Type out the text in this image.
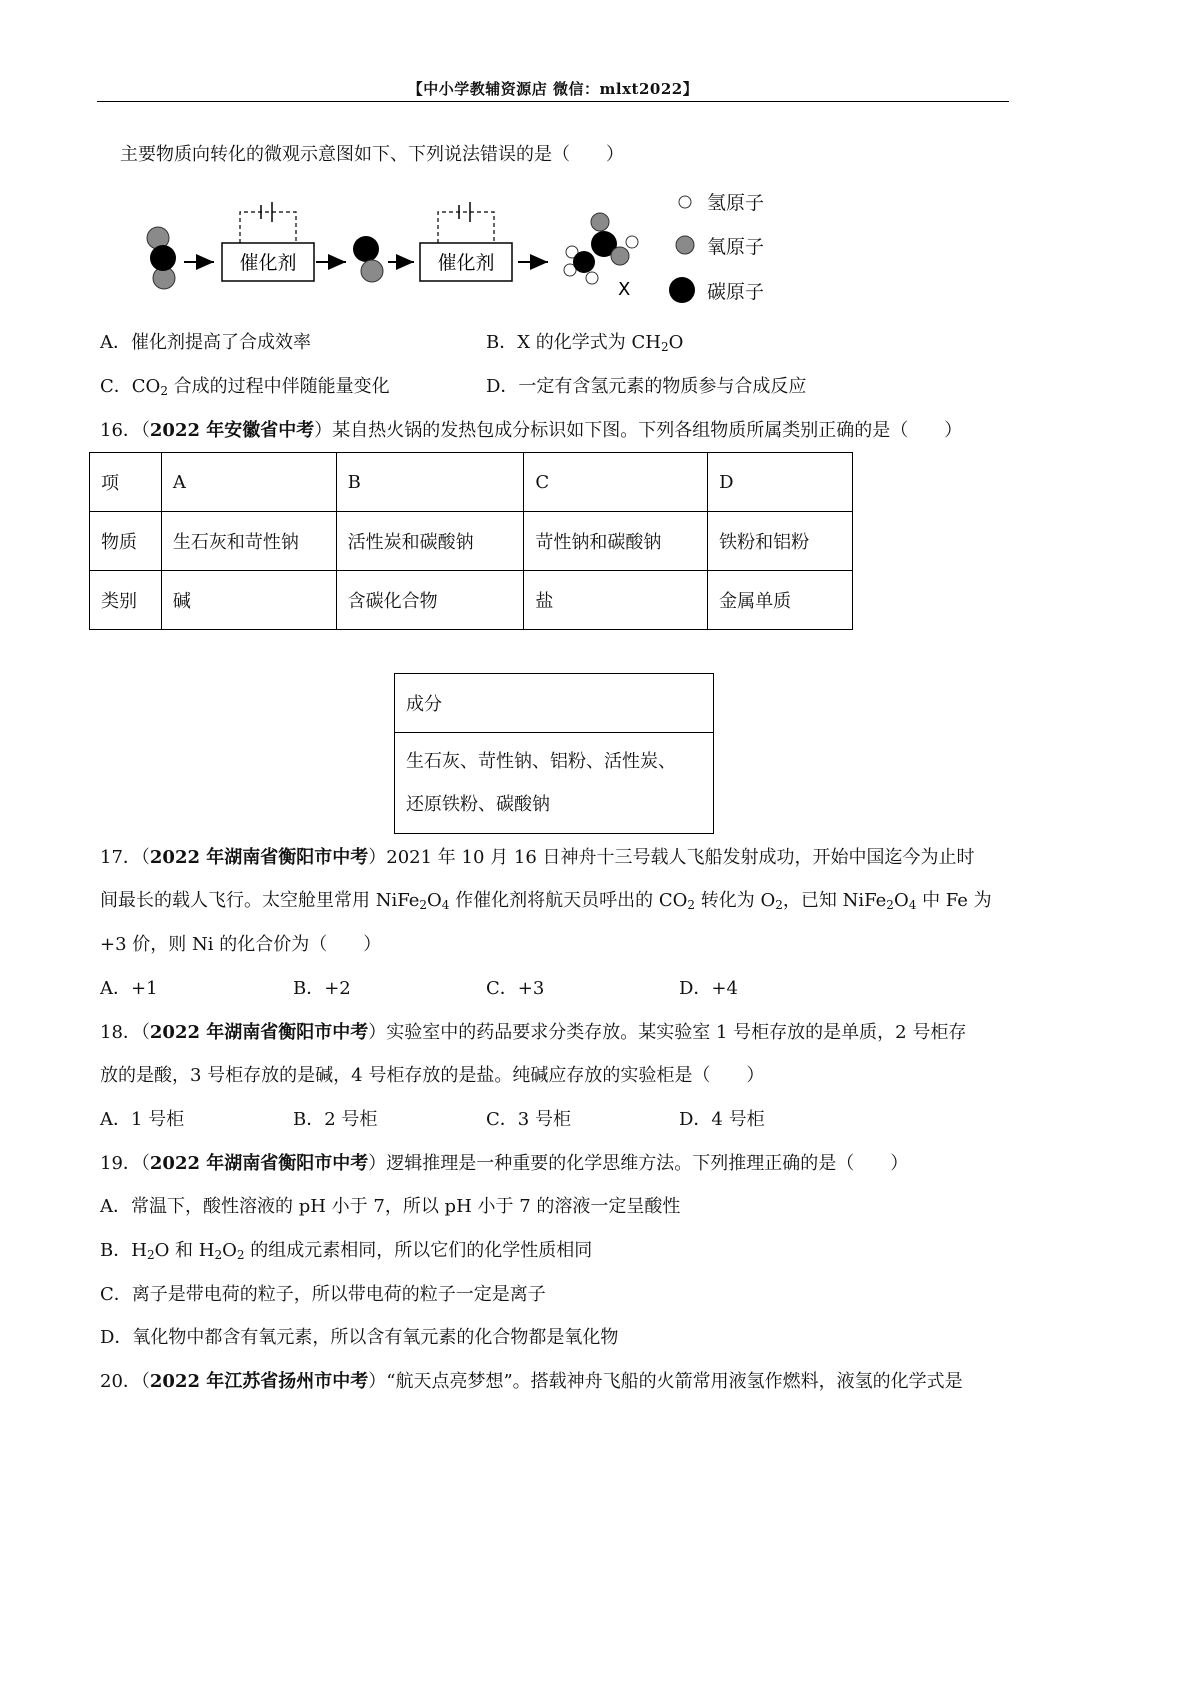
【中小学教辅资源店 微信：mlxt2022】
主要物质向转化的微观示意图如下、下列说法错误的是（　　）
催化剂	催化剂
X
氢原子
氧原子
碳原子
A．催化剂提高了合成效率	B．X 的化学式为 $CH_2O$
C．$CO_2$ 合成的过程中伴随能量变化	D．一定有含氢元素的物质参与合成反应
16．（2022 年安徽省中考）某自热火锅的发热包成分标识如下图。下列各组物质所属类别正确的是（　　）
项	A	B	C	D
物质	生石灰和苛性钠	活性炭和碳酸钠	苛性钠和碳酸钠	铁粉和铝粉
类别	碱	含碳化合物	盐	金属单质
成分

生石灰、苛性钠、铝粉、活性炭、
还原铁粉、碳酸钠
17．（2022 年湖南省衡阳市中考）2021 年 10 月 16 日神舟十三号载人飞船发射成功，开始中国迄今为止时
间最长的载人飞行。太空舱里常用 $NiFe_2O_4$ 作催化剂将航天员呼出的 $CO_2$ 转化为 $O_2$，已知 $NiFe_2O_4$ 中 Fe 为
+3 价，则 Ni 的化合价为（　　）
A．+1	B．+2	C．+3	D．+4
18．（2022 年湖南省衡阳市中考）实验室中的药品要求分类存放。某实验室 1 号柜存放的是单质，2 号柜存
放的是酸，3 号柜存放的是碱，4 号柜存放的是盐。纯碱应存放的实验柜是（　　）
A．1 号柜	B．2 号柜	C．3 号柜	D．4 号柜
19．（2022 年湖南省衡阳市中考）逻辑推理是一种重要的化学思维方法。下列推理正确的是（　　）
A．常温下，酸性溶液的 pH 小于 7，所以 pH 小于 7 的溶液一定呈酸性
B．$H_2O$ 和 $H_2O_2$ 的组成元素相同，所以它们的化学性质相同
C．离子是带电荷的粒子，所以带电荷的粒子一定是离子
D．氧化物中都含有氧元素，所以含有氧元素的化合物都是氧化物
20．（2022 年江苏省扬州市中考）“航天点亮梦想”。搭载神舟飞船的火箭常用液氢作燃料，液氢的化学式是
